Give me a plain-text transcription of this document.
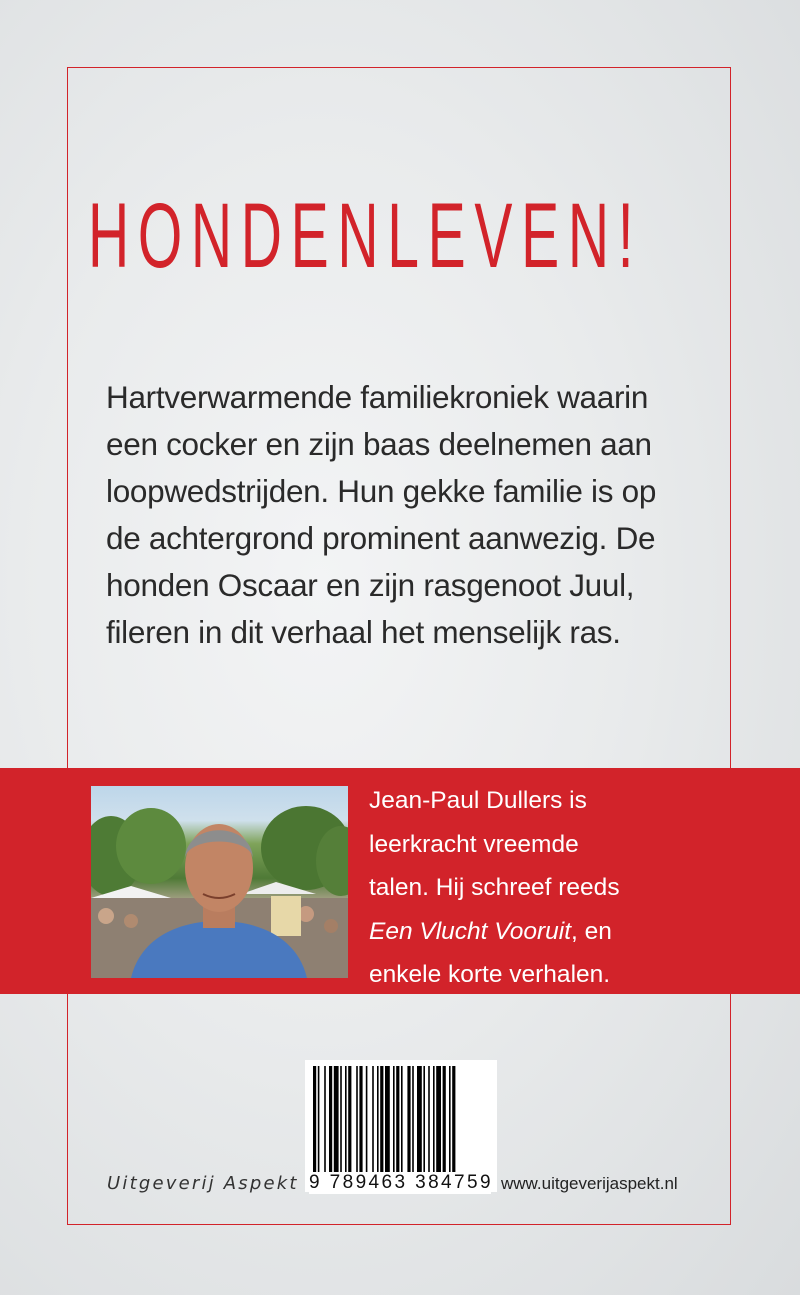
HONDENLEVEN!
Hartverwarmende familiekroniek waarin
een cocker en zijn baas deelnemen aan
loopwedstrijden. Hun gekke familie is op
de achtergrond prominent aanwezig. De
honden Oscaar en zijn rasgenoot Juul,
fileren in dit verhaal het menselijk ras.
Jean-Paul Dullers is
leerkracht vreemde
talen. Hij schreef reeds
Een Vlucht Vooruit, en
enkele korte verhalen.
9 789463 384759
Uitgeverij Aspekt	www.uitgeverijaspekt.nl
